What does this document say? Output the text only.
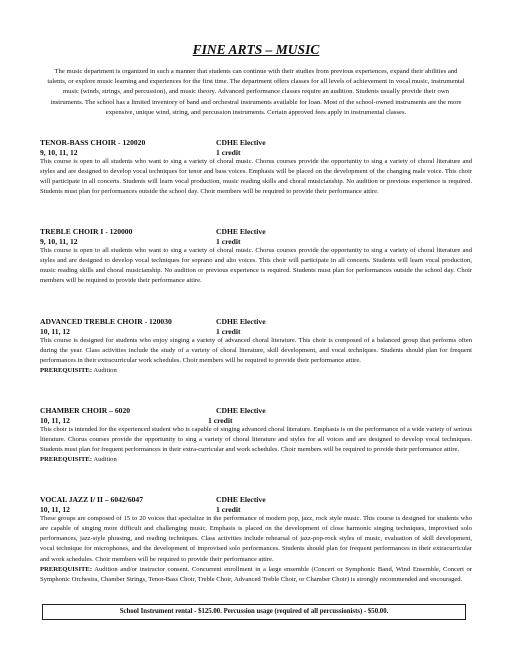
FINE ARTS – MUSIC
The music department is organized in such a manner that students can continue with their studies from previous experiences, expand their abilities and talents, or explore music learning and experiences for the first time. The department offers classes for all levels of achievement in vocal music, instrumental music (winds, strings, and percussion), and music theory. Advanced performance classes require an audition. Students usually provide their own instruments. The school has a limited inventory of band and orchestral instruments available for loan. Most of the school-owned instruments are the more expensive, unique wind, string, and percussion instruments. Certain approved fees apply in instrumental classes.
TENOR-BASS CHOIR - 120020	CDHE Elective
9, 10, 11, 12	1 credit
This course is open to all students who want to sing a variety of choral music. Chorus courses provide the opportunity to sing a variety of choral literature and styles and are designed to develop vocal techniques for tenor and bass voices. Emphasis will be placed on the development of the changing male voice. This choir will participate in all concerts. Students will learn vocal production, music reading skills and choral musicianship. No audition or previous experience is required. Students must plan for performances outside the school day. Choir members will be required to provide their performance attire.
TREBLE CHOIR I - 120000	CDHE Elective
9, 10, 11, 12	1 credit
This course is open to all students who want to sing a variety of choral music. Chorus courses provide the opportunity to sing a variety of choral literature and styles and are designed to develop vocal techniques for soprano and alto voices. This choir will participate in all concerts. Students will learn vocal production, music reading skills and choral musicianship. No audition or previous experience is required. Students must plan for performances outside the school day. Choir members will be required to provide their performance attire.
ADVANCED TREBLE CHOIR - 120030	CDHE Elective
10, 11, 12	1 credit
This course is designed for students who enjoy singing a variety of advanced choral literature. This choir is composed of a balanced group that performs often during the year. Class activities include the study of a variety of choral literature, skill development, and vocal techniques. Students should plan for frequent performances in their extracurricular work schedules. Choir members will be required to provide their performance attire.
PREREQUISITE: Audition
CHAMBER CHOIR – 6020	CDHE Elective
10, 11, 12	1 credit
This choir is intended for the experienced student who is capable of singing advanced choral literature. Emphasis is on the performance of a wide variety of serious literature. Chorus courses provide the opportunity to sing a variety of choral literature and styles for all voices and are designed to develop vocal techniques. Students must plan for frequent performances in their extra-curricular and work schedules. Choir members will be required to provide their performance attire.
PREREQUISITE: Audition
VOCAL JAZZ I/ II – 6042/6047	CDHE Elective
10, 11, 12	1 credit
These groups are composed of 15 to 20 voices that specialize in the performance of modern pop, jazz, rock style music. This course is designed for students who are capable of singing more difficult and challenging music. Emphasis is placed on the development of close harmonic singing techniques, improvised solo performances, jazz-style phrasing, and reading techniques. Class activities include rehearsal of jazz-pop-rock styles of music, evaluation of skill development, vocal technique for microphones, and the development of improvised solo performances. Students should plan for frequent performances in their extracurricular and work schedules. Choir members will be required to provide their performance attire.
PREREQUISITE: Audition and/or instructor consent. Concurrent enrollment in a large ensemble (Concert or Symphonic Band, Wind Ensemble, Concert or Symphonic Orchestra, Chamber Strings, Tenor-Bass Choir, Treble Choir, Advanced Treble Choir, or Chamber Choir) is strongly recommended and encouraged.
School Instrument rental - $125.00. Percussion usage (required of all percussionists) - $50.00.
